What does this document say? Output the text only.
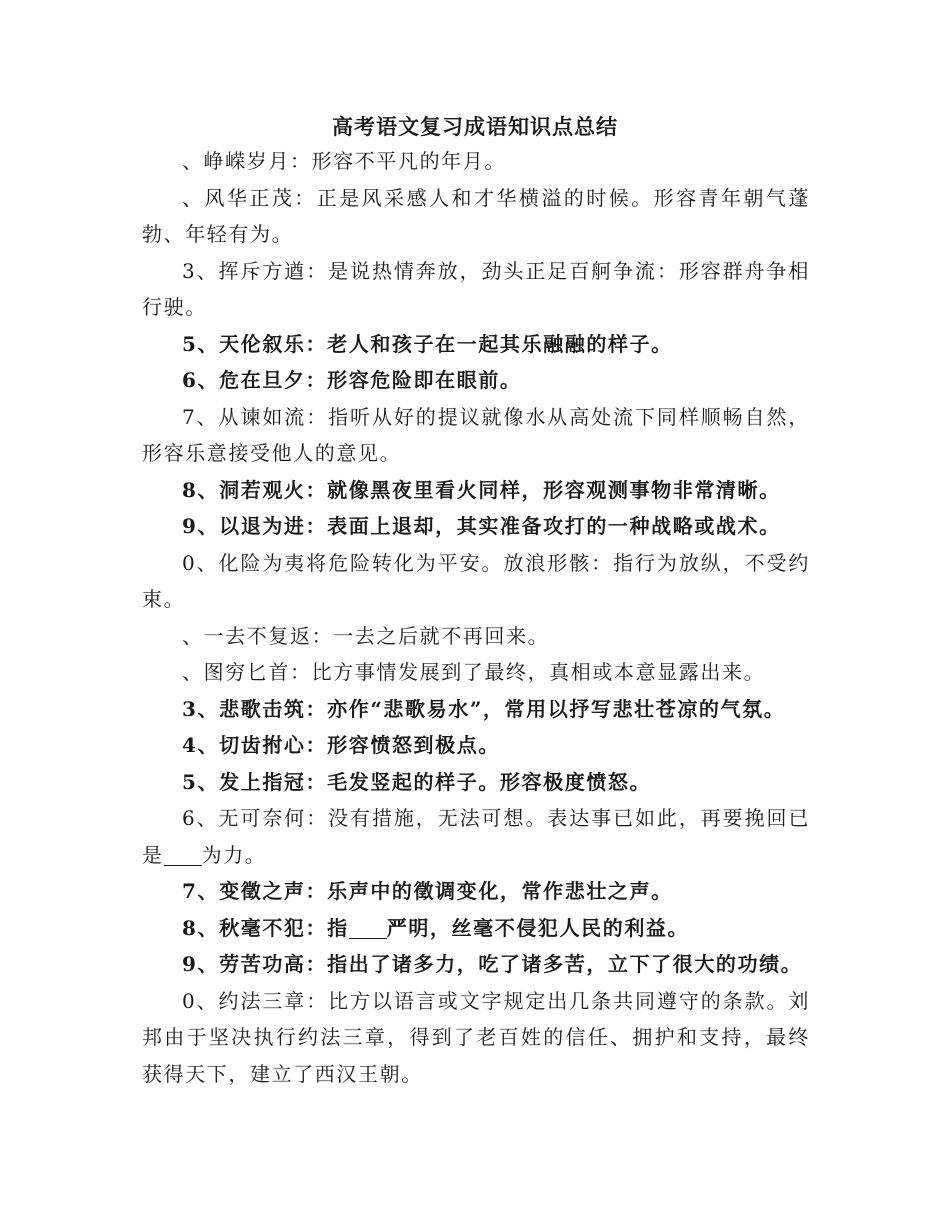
高考语文复习成语知识点总结

、峥嵘岁月：形容不平凡的年月。

、风华正茂：正是风采感人和才华横溢的时候。形容青年朝气蓬勃、年轻有为。

3、挥斥方遒：是说热情奔放，劲头正足百舸争流：形容群舟争相行驶。

5、天伦叙乐：老人和孩子在一起其乐融融的样子。

6、危在旦夕：形容危险即在眼前。

7、从谏如流：指听从好的提议就像水从高处流下同样顺畅自然，形容乐意接受他人的意见。

8、洞若观火：就像黑夜里看火同样，形容观测事物非常清晰。

9、以退为进：表面上退却，其实准备攻打的一种战略或战术。

0、化险为夷将危险转化为平安。放浪形骸：指行为放纵，不受约束。

、一去不复返：一去之后就不再回来。

、图穷匕首：比方事情发展到了最终，真相或本意显露出来。

3、悲歌击筑：亦作“悲歌易水”，常用以抒写悲壮苍凉的气氛。

4、切齿拊心：形容愤怒到极点。

5、发上指冠：毛发竖起的样子。形容极度愤怒。

6、无可奈何：没有措施，无法可想。表达事已如此，再要挽回已是 为力。

7、变徵之声：乐声中的徵调变化，常作悲壮之声。

8、秋毫不犯：指 严明，丝毫不侵犯人民的利益。

9、劳苦功高：指出了诸多力，吃了诸多苦，立下了很大的功绩。

0、约法三章：比方以语言或文字规定出几条共同遵守的条款。刘邦由于坚决执行约法三章，得到了老百姓的信任、拥护和支持，最终获得天下，建立了西汉王朝。
